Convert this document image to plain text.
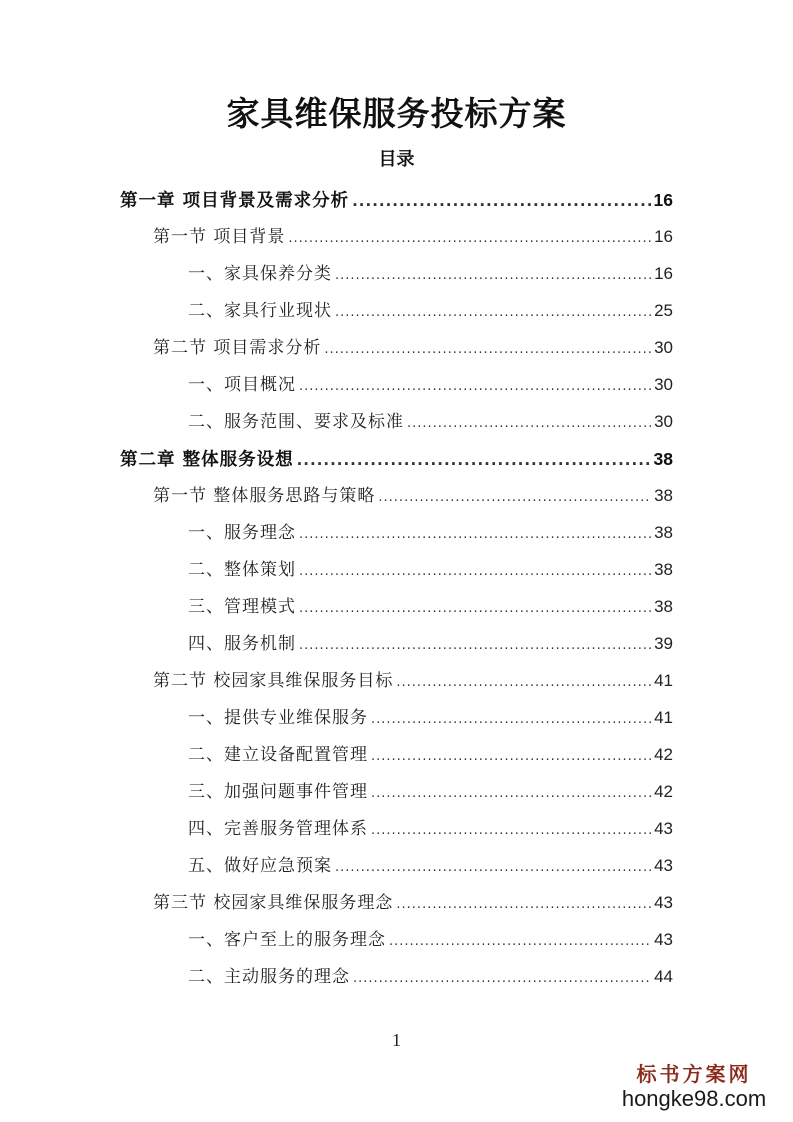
家具维保服务投标方案
目录
第一章 项目背景及需求分析 .....	16
第一节 项目背景 .....	16
一、家具保养分类 .....	16
二、家具行业现状 .....	25
第二节 项目需求分析 .....	30
一、项目概况 .....	30
二、服务范围、要求及标准 .....	30
第二章 整体服务设想 .....	38
第一节 整体服务思路与策略 .....	38
一、服务理念 .....	38
二、整体策划 .....	38
三、管理模式 .....	38
四、服务机制 .....	39
第二节 校园家具维保服务目标 .....	41
一、提供专业维保服务 .....	41
二、建立设备配置管理 .....	42
三、加强问题事件管理 .....	42
四、完善服务管理体系 .....	43
五、做好应急预案 .....	43
第三节 校园家具维保服务理念 .....	43
一、客户至上的服务理念 .....	43
二、主动服务的理念 .....	44
1
标书方案网
hongke98.com
